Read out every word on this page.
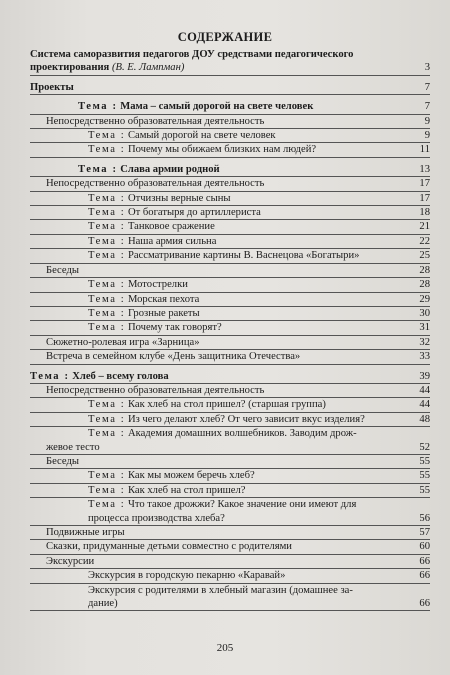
СОДЕРЖАНИЕ
Система саморазвития педагогов ДОУ средствами педагогического
проектирования (В. Е. Лампман)	3
Проекты	7
Тема : Мама – самый дорогой на свете человек	7
Непосредственно образовательная деятельность	9
Тема : Самый дорогой на свете человек	9
Тема : Почему мы обижаем близких нам людей?	11
Тема : Слава армии родной	13
Непосредственно образовательная деятельность	17
Тема : Отчизны верные сыны	17
Тема : От богатыря до артиллериста	18
Тема : Танковое сражение	21
Тема : Наша армия сильна	22
Тема : Рассматривание картины В. Васнецова «Богатыри»	25
Беседы	28
Тема : Мотострелки	28
Тема : Морская пехота	29
Тема : Грозные ракеты	30
Тема : Почему так говорят?	31
Сюжетно-ролевая игра «Зарница»	32
Встреча в семейном клубе «День защитника Отечества»	33
Тема : Хлеб – всему голова	39
Непосредственно образовательная деятельность	44
Тема : Как хлеб на стол пришел? (старшая группа)	44
Тема : Из чего делают хлеб? От чего зависит вкус изделия?	48
Тема : Академия домашних волшебников. Заводим дрож-
жевое тесто	52
Беседы	55
Тема : Как мы можем беречь хлеб?	55
Тема : Как хлеб на стол пришел?	55
Тема : Что такое дрожжи? Какое значение они имеют для
процесса производства хлеба?	56
Подвижные игры	57
Сказки, придуманные детьми совместно с родителями	60
Экскурсии	66
Экскурсия в городскую пекарню «Каравай»	66
Экскурсия с родителями в хлебный магазин (домашнее за-
дание)	66
205
